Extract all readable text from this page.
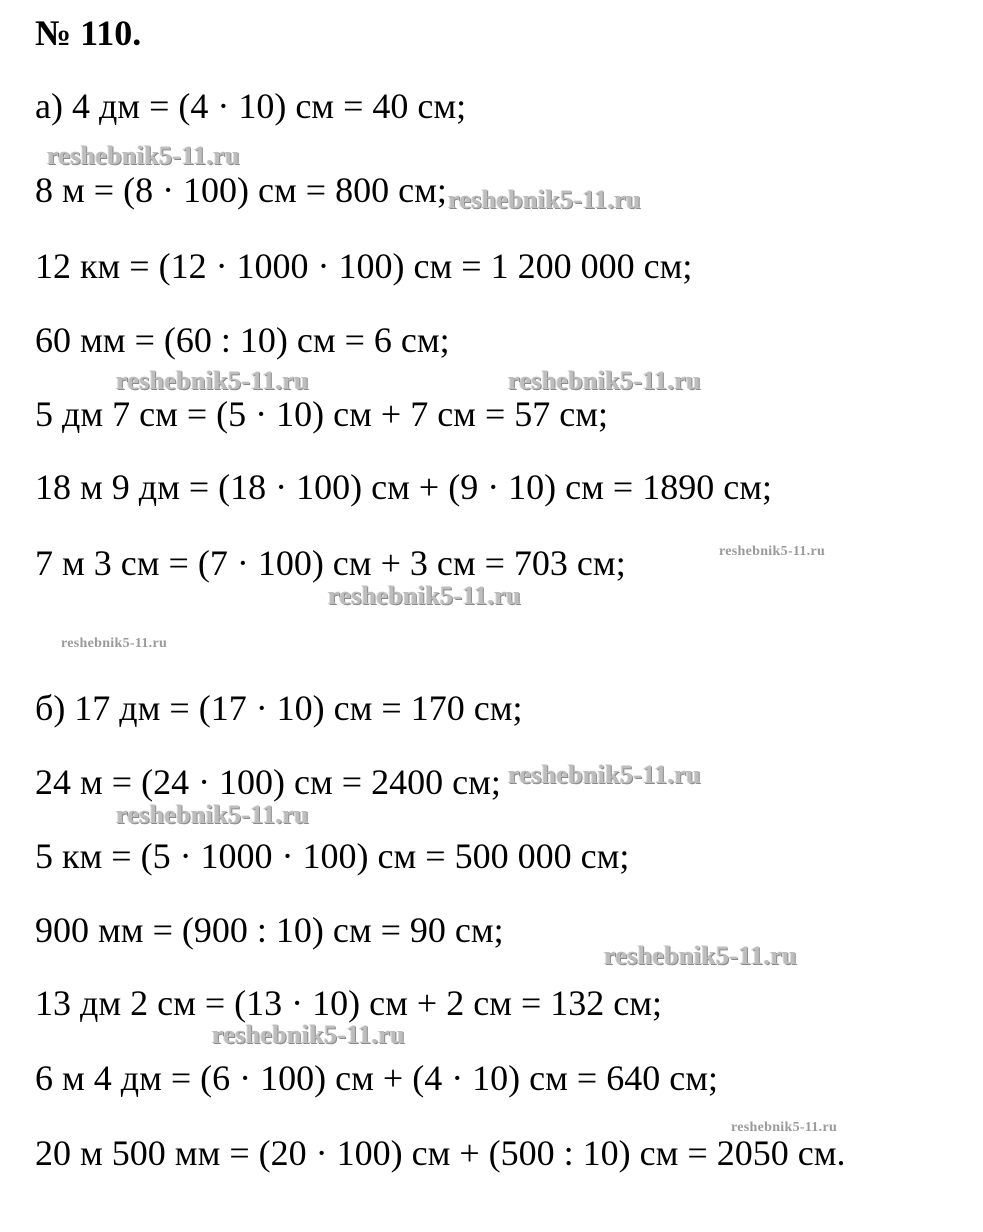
№ 110.
а) 4 дм = (4 · 10) см = 40 см;
8 м = (8 · 100) см = 800 см;
12 км = (12 · 1000 · 100) см = 1 200 000 см;
60 мм = (60 : 10) см = 6 см;
5 дм 7 см = (5 · 10) см + 7 см = 57 см;
18 м 9 дм = (18 · 100) см + (9 · 10) см = 1890 см;
7 м 3 см = (7 · 100) см + 3 см = 703 см;
б) 17 дм = (17 · 10) см = 170 см;
24 м = (24 · 100) см = 2400 см;
5 км = (5 · 1000 · 100) см = 500 000 см;
900 мм = (900 : 10) см = 90 см;
13 дм 2 см = (13 · 10) см + 2 см = 132 см;
6 м 4 дм = (6 · 100) см + (4 · 10) см = 640 см;
20 м 500 мм = (20 · 100) см + (500 : 10) см = 2050 см.
reshebnik5-11.ru
reshebnik5-11.ru
reshebnik5-11.ru	reshebnik5-11.ru
reshebnik5-11.ru
reshebnik5-11.ru
reshebnik5-11.ru
reshebnik5-11.ru
reshebnik5-11.ru
reshebnik5-11.ru
reshebnik5-11.ru
reshebnik5-11.ru
